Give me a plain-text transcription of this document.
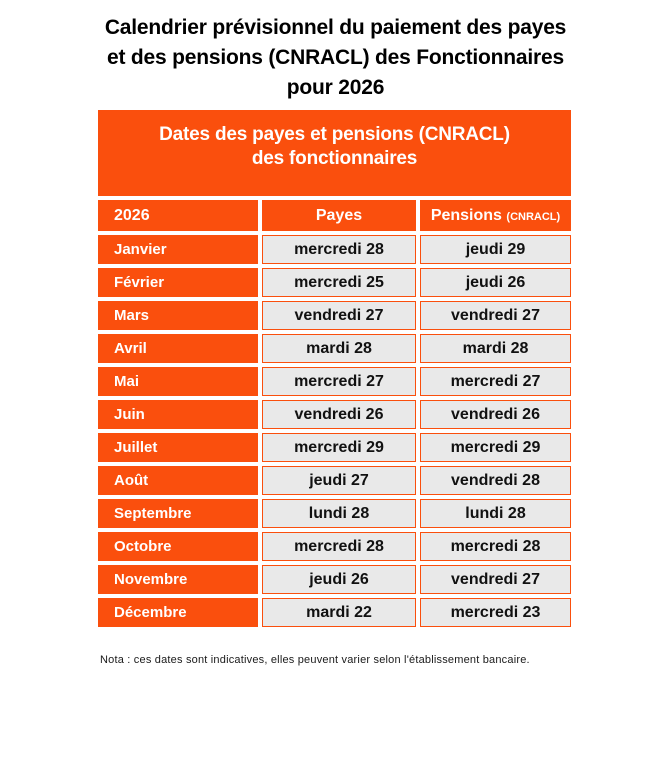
Calendrier prévisionnel du paiement des payes
et des pensions (CNRACL) des Fonctionnaires
pour 2026
Dates des payes et pensions (CNRACL)
des fonctionnaires
2026	Payes	Pensions (CNRACL)
Janvier	mercredi 28	jeudi 29
Février	mercredi 25	jeudi 26
Mars	vendredi 27	vendredi 27
Avril	mardi 28	mardi 28
Mai	mercredi 27	mercredi 27
Juin	vendredi 26	vendredi 26
Juillet	mercredi 29	mercredi 29
Août	jeudi 27	vendredi 28
Septembre	lundi 28	lundi 28
Octobre	mercredi 28	mercredi 28
Novembre	jeudi 26	vendredi 27
Décembre	mardi 22	mercredi 23
Nota : ces dates sont indicatives, elles peuvent varier selon l'établissement bancaire.
